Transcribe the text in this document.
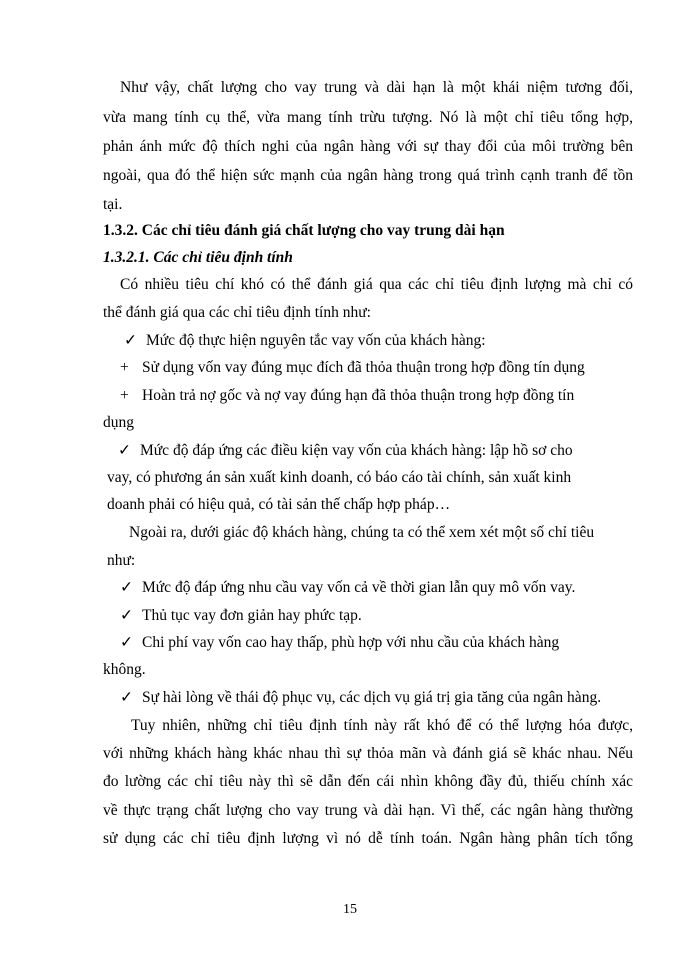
Như vậy, chất lượng cho vay trung và dài hạn là một khái niệm tương đối,
vừa mang tính cụ thể, vừa mang tính trừu tượng. Nó là một chỉ tiêu tổng hợp,
phản ánh mức độ thích nghi của ngân hàng với sự thay đổi của môi trường bên
ngoài, qua đó thể hiện sức mạnh của ngân hàng trong quá trình cạnh tranh để tồn
tại.
1.3.2. Các chỉ tiêu đánh giá chất lượng cho vay trung dài hạn
1.3.2.1. Các chỉ tiêu định tính
Có nhiều tiêu chí khó có thể đánh giá qua các chỉ tiêu định lượng mà chỉ có
thể đánh giá qua các chỉ tiêu định tính như:
✓ Mức độ thực hiện nguyên tắc vay vốn của khách hàng:
+ Sử dụng vốn vay đúng mục đích đã thỏa thuận trong hợp đồng tín dụng
+ Hoàn trả nợ gốc và nợ vay đúng hạn đã thỏa thuận trong hợp đồng tín
dụng
✓ Mức độ đáp ứng các điều kiện vay vốn của khách hàng: lập hồ sơ cho
vay, có phương án sản xuất kinh doanh, có báo cáo tài chính, sản xuất kinh
doanh phải có hiệu quả, có tài sản thế chấp hợp pháp…
Ngoài ra, dưới giác độ khách hàng, chúng ta có thể xem xét một số chỉ tiêu
như:
✓ Mức độ đáp ứng nhu cầu vay vốn cả về thời gian lẫn quy mô vốn vay.
✓ Thủ tục vay đơn giản hay phức tạp.
✓ Chi phí vay vốn cao hay thấp, phù hợp với nhu cầu của khách hàng
không.
✓ Sự hài lòng về thái độ phục vụ, các dịch vụ giá trị gia tăng của ngân hàng.
Tuy nhiên, những chỉ tiêu định tính này rất khó để có thể lượng hóa được,
với những khách hàng khác nhau thì sự thỏa mãn và đánh giá sẽ khác nhau. Nếu
đo lường các chỉ tiêu này thì sẽ dẫn đến cái nhìn không đầy đủ, thiếu chính xác
về thực trạng chất lượng cho vay trung và dài hạn. Vì thế, các ngân hàng thường
sử dụng các chỉ tiêu định lượng vì nó dễ tính toán. Ngân hàng phân tích tổng
15
